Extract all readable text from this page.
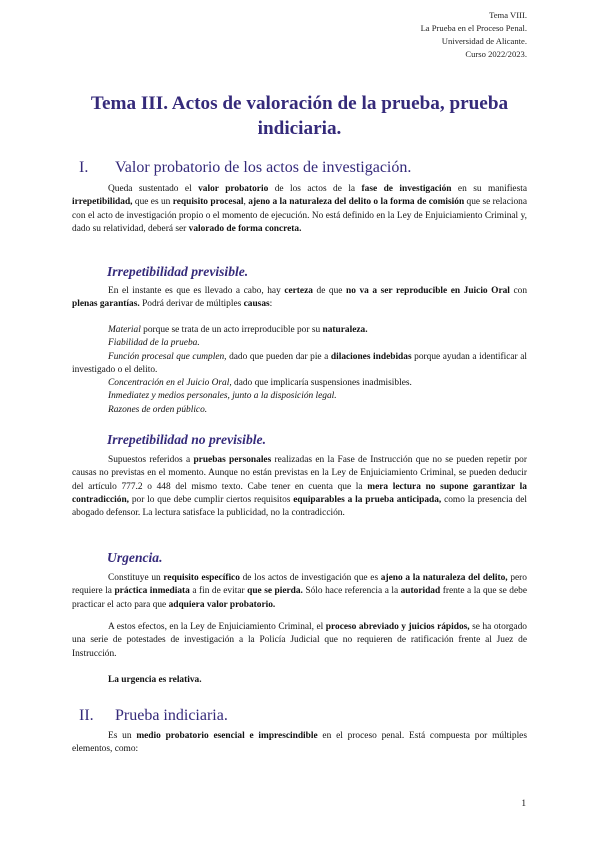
Tema VIII.
La Prueba en el Proceso Penal.
Universidad de Alicante.
Curso 2022/2023.
Tema III. Actos de valoración de la prueba, prueba
indiciaria.
I. Valor probatorio de los actos de investigación.
Queda sustentado el valor probatorio de los actos de la fase de investigación en su manifiesta irrepetibilidad, que es un requisito procesal, ajeno a la naturaleza del delito o la forma de comisión que se relaciona con el acto de investigación propio o el momento de ejecución. No está definido en la Ley de Enjuiciamiento Criminal y, dado su relatividad, deberá ser valorado de forma concreta.
Irrepetibilidad previsible.
En el instante es que es llevado a cabo, hay certeza de que no va a ser reproducible en Juicio Oral con plenas garantías. Podrá derivar de múltiples causas:
Material porque se trata de un acto irreproducible por su naturaleza.
Fiabilidad de la prueba.
Función procesal que cumplen, dado que pueden dar pie a dilaciones indebidas porque ayudan a identificar al investigado o el delito.
Concentración en el Juicio Oral, dado que implicaría suspensiones inadmisibles.
Inmediatez y medios personales, junto a la disposición legal.
Razones de orden público.
Irrepetibilidad no previsible.
Supuestos referidos a pruebas personales realizadas en la Fase de Instrucción que no se pueden repetir por causas no previstas en el momento. Aunque no están previstas en la Ley de Enjuiciamiento Criminal, se pueden deducir del artículo 777.2 o 448 del mismo texto. Cabe tener en cuenta que la mera lectura no supone garantizar la contradicción, por lo que debe cumplir ciertos requisitos equiparables a la prueba anticipada, como la presencia del abogado defensor. La lectura satisface la publicidad, no la contradicción.
Urgencia.
Constituye un requisito específico de los actos de investigación que es ajeno a la naturaleza del delito, pero requiere la práctica inmediata a fin de evitar que se pierda. Sólo hace referencia a la autoridad frente a la que se debe practicar el acto para que adquiera valor probatorio.
A estos efectos, en la Ley de Enjuiciamiento Criminal, el proceso abreviado y juicios rápidos, se ha otorgado una serie de potestades de investigación a la Policía Judicial que no requieren de ratificación frente al Juez de Instrucción.
La urgencia es relativa.
II. Prueba indiciaria.
Es un medio probatorio esencial e imprescindible en el proceso penal. Está compuesta por múltiples elementos, como:
1
